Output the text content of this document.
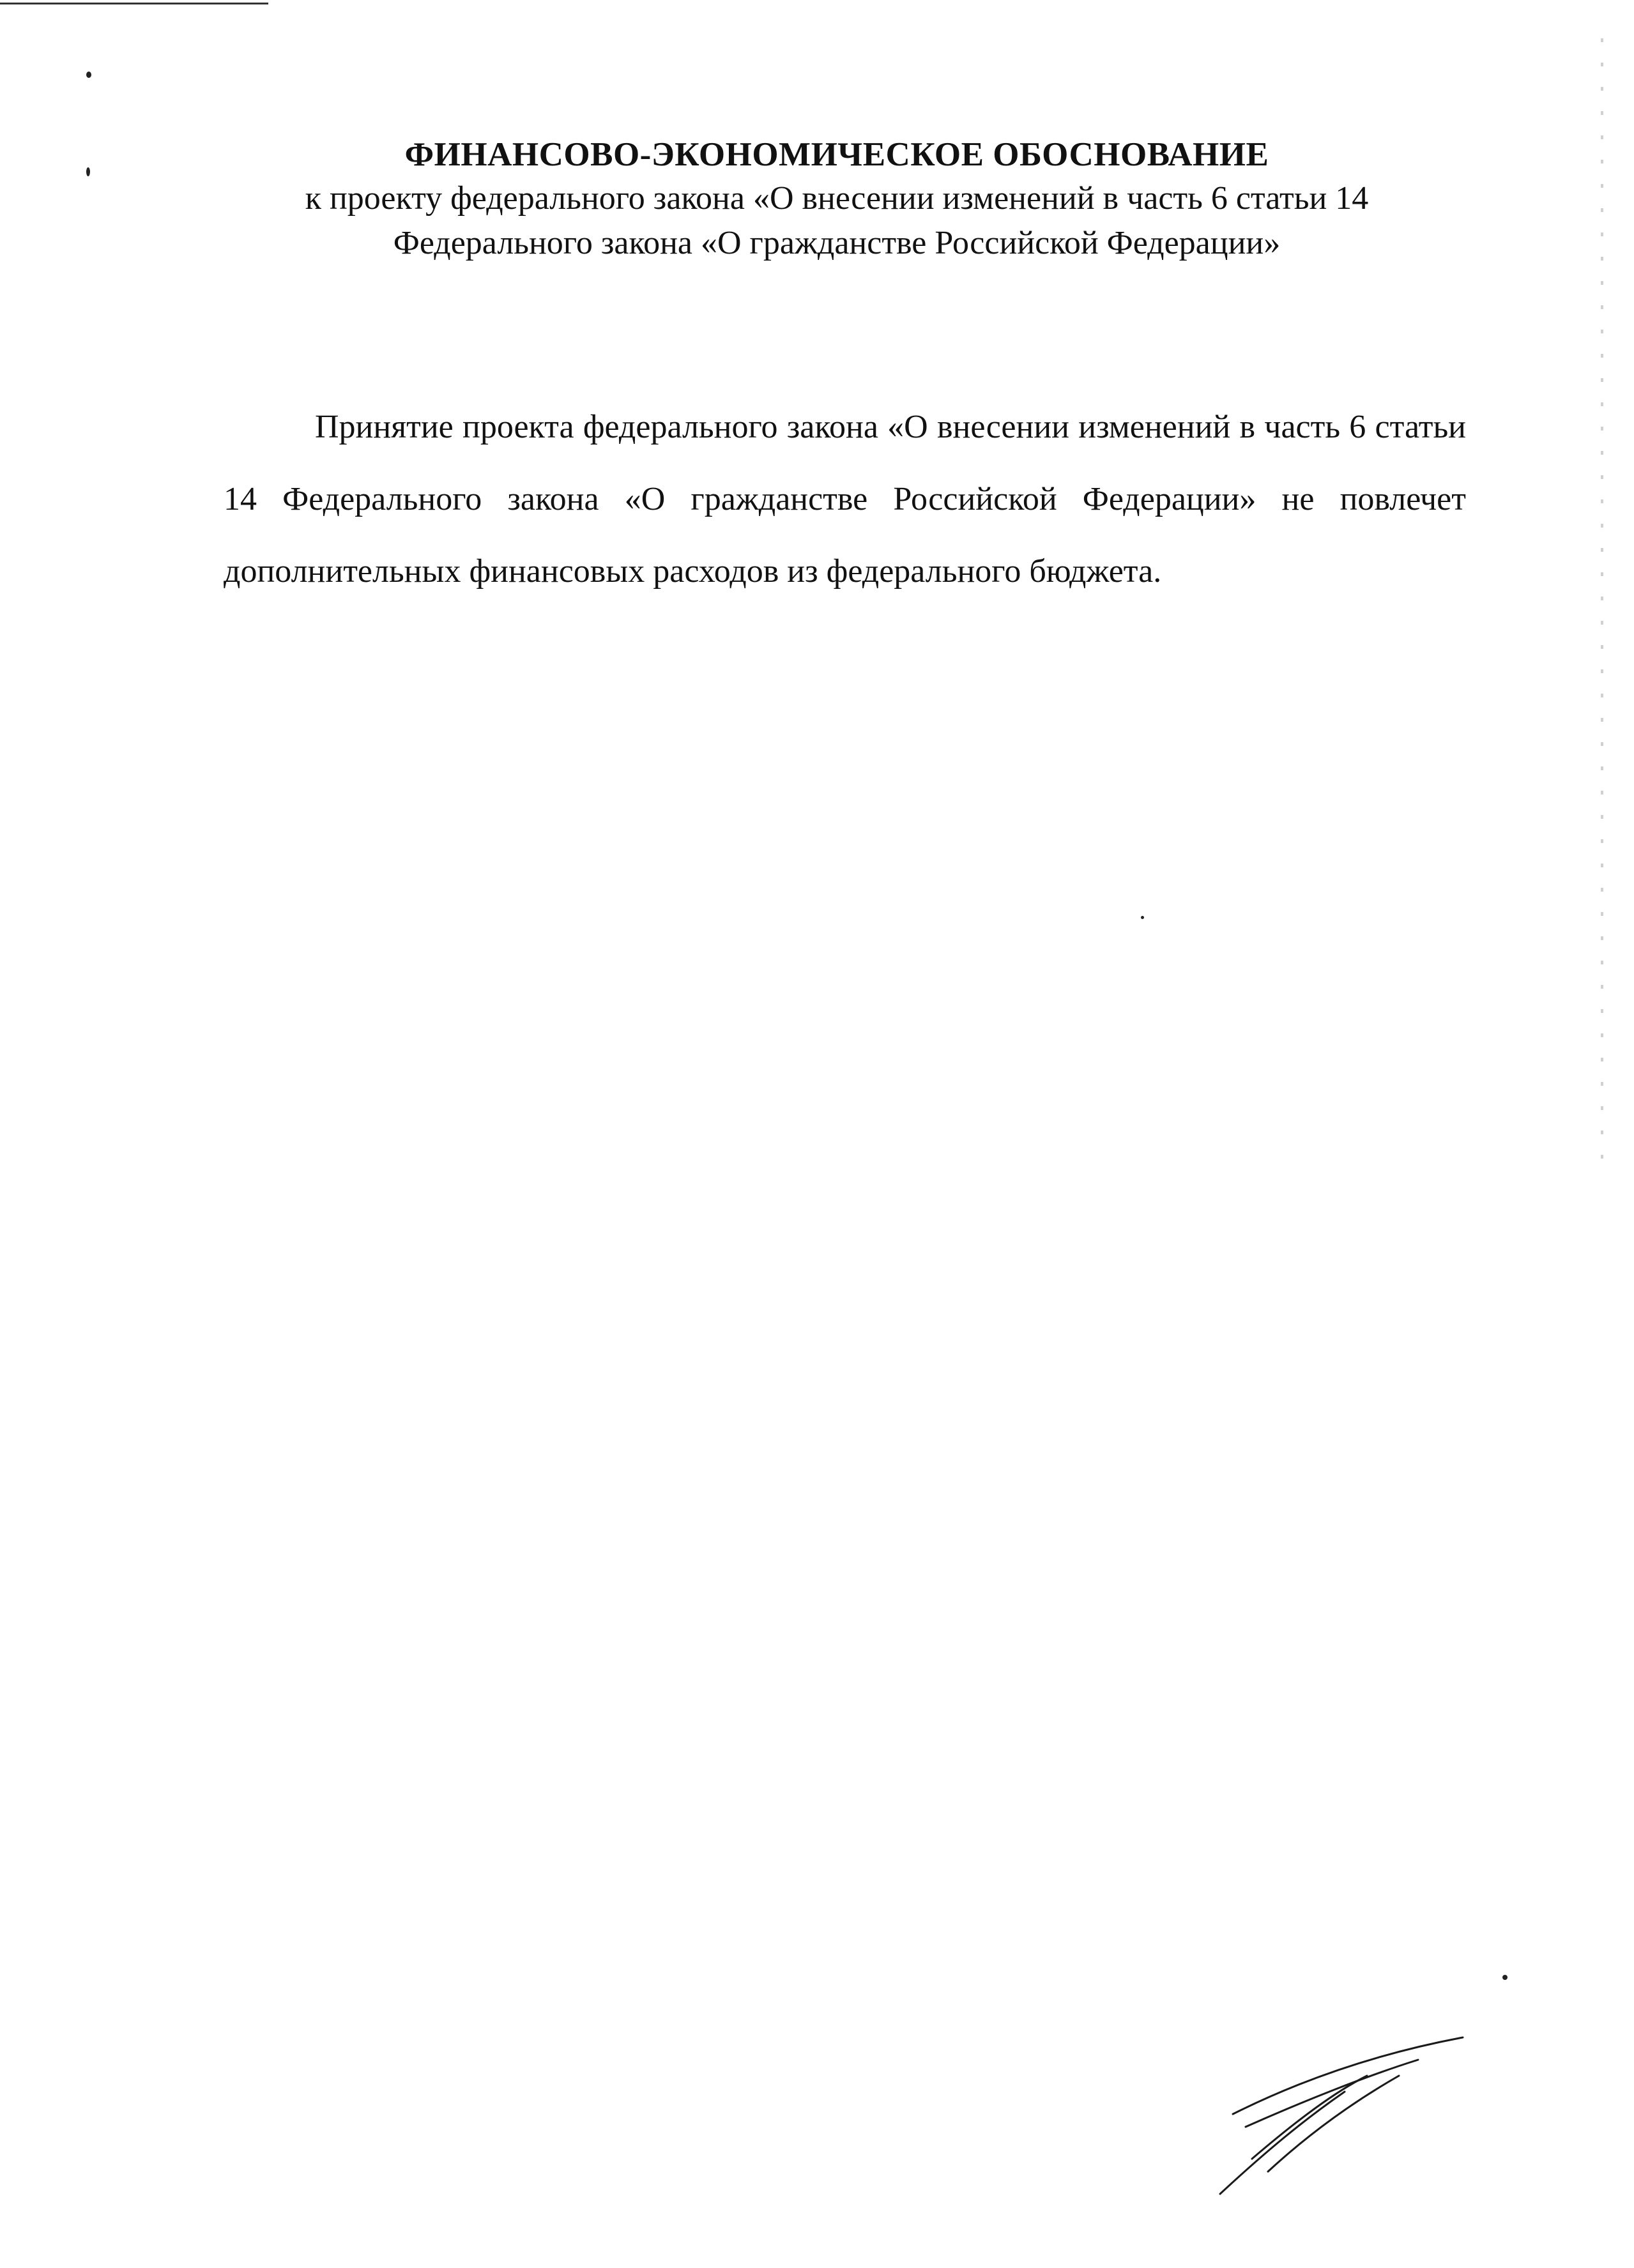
ФИНАНСОВО-ЭКОНОМИЧЕСКОЕ ОБОСНОВАНИЕ
к проекту федерального закона «О внесении изменений в часть 6 статьи 14
Федерального закона «О гражданстве Российской Федерации»

Принятие проекта федерального закона «О внесении изменений в часть 6 статьи 14 Федерального закона «О гражданстве Российской Федерации» не повлечет дополнительных финансовых расходов из федерального бюджета.
